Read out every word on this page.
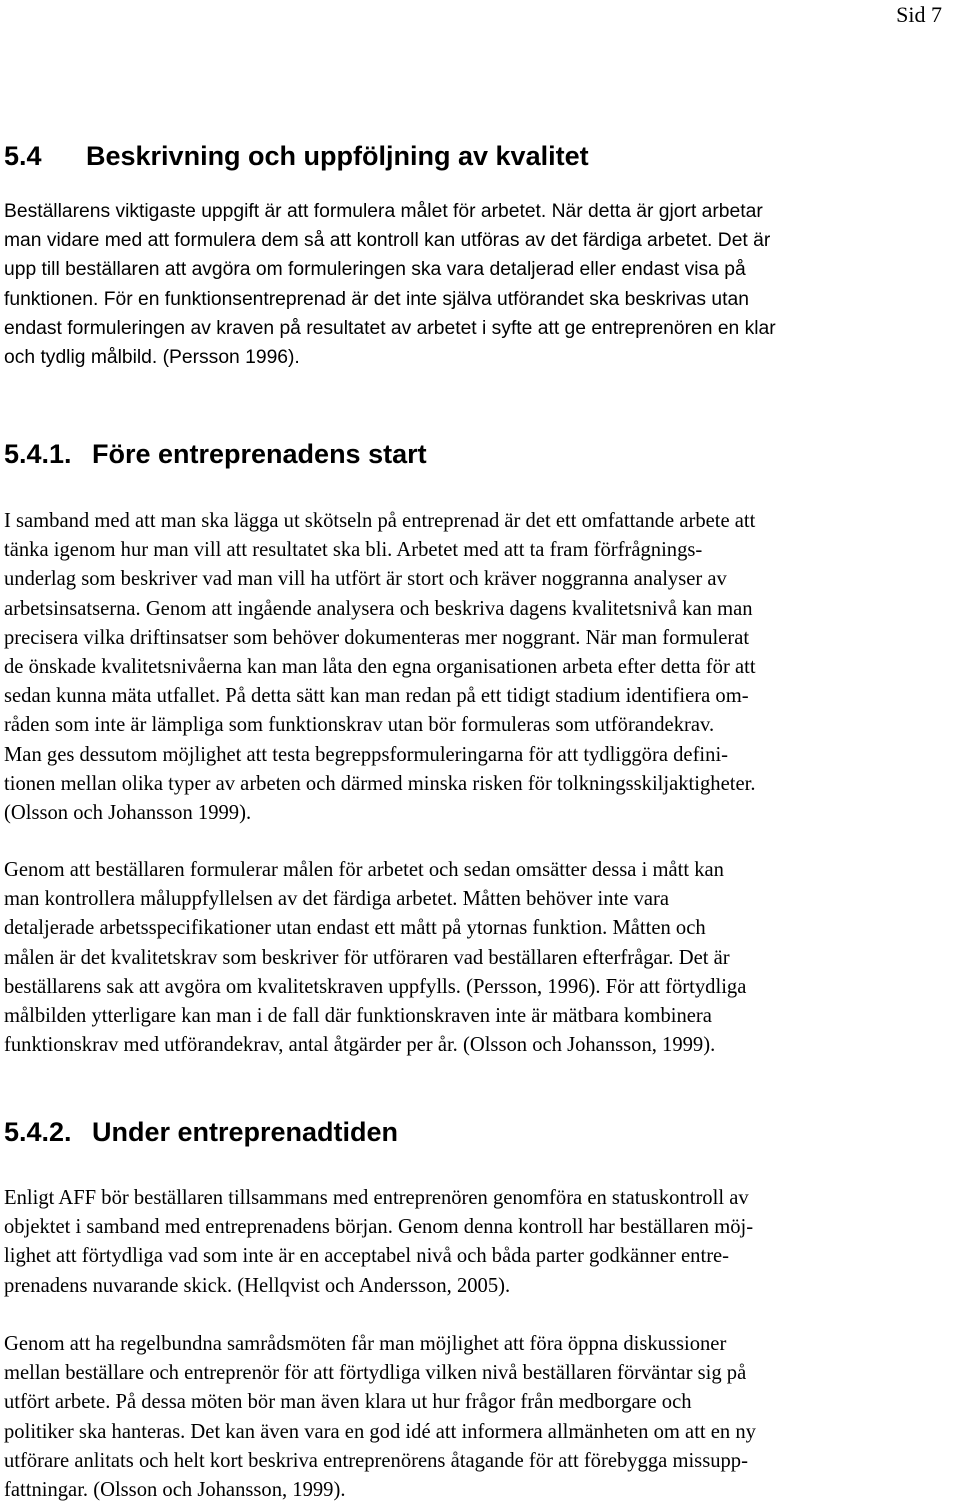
Sid 7
5.4 Beskrivning och uppföljning av kvalitet
Beställarens viktigaste uppgift är att formulera målet för arbetet. När detta är gjort arbetar
man vidare med att formulera dem så att kontroll kan utföras av det färdiga arbetet. Det är
upp till beställaren att avgöra om formuleringen ska vara detaljerad eller endast visa på
funktionen. För en funktionsentreprenad är det inte själva utförandet ska beskrivas utan
endast formuleringen av kraven på resultatet av arbetet i syfte att ge entreprenören en klar
och tydlig målbild. (Persson 1996).
5.4.1. Före entreprenadens start
I samband med att man ska lägga ut skötseln på entreprenad är det ett omfattande arbete att
tänka igenom hur man vill att resultatet ska bli. Arbetet med att ta fram förfrågnings-
underlag som beskriver vad man vill ha utfört är stort och kräver noggranna analyser av
arbetsinsatserna. Genom att ingående analysera och beskriva dagens kvalitetsnivå kan man
precisera vilka driftinsatser som behöver dokumenteras mer noggrant. När man formulerat
de önskade kvalitetsnivåerna kan man låta den egna organisationen arbeta efter detta för att
sedan kunna mäta utfallet. På detta sätt kan man redan på ett tidigt stadium identifiera om-
råden som inte är lämpliga som funktionskrav utan bör formuleras som utförandekrav.
Man ges dessutom möjlighet att testa begreppsformuleringarna för att tydliggöra defini-
tionen mellan olika typer av arbeten och därmed minska risken för tolkningsskiljaktigheter.
(Olsson och Johansson 1999).
Genom att beställaren formulerar målen för arbetet och sedan omsätter dessa i mått kan
man kontrollera måluppfyllelsen av det färdiga arbetet. Måtten behöver inte vara
detaljerade arbetsspecifikationer utan endast ett mått på ytornas funktion. Måtten och
målen är det kvalitetskrav som beskriver för utföraren vad beställaren efterfrågar. Det är
beställarens sak att avgöra om kvalitetskraven uppfylls. (Persson, 1996). För att förtydliga
målbilden ytterligare kan man i de fall där funktionskraven inte är mätbara kombinera
funktionskrav med utförandekrav, antal åtgärder per år. (Olsson och Johansson, 1999).
5.4.2. Under entreprenadtiden
Enligt AFF bör beställaren tillsammans med entreprenören genomföra en statuskontroll av
objektet i samband med entreprenadens början. Genom denna kontroll har beställaren möj-
lighet att förtydliga vad som inte är en acceptabel nivå och båda parter godkänner entre-
prenadens nuvarande skick. (Hellqvist och Andersson, 2005).
Genom att ha regelbundna samrådsmöten får man möjlighet att föra öppna diskussioner
mellan beställare och entreprenör för att förtydliga vilken nivå beställaren förväntar sig på
utfört arbete. På dessa möten bör man även klara ut hur frågor från medborgare och
politiker ska hanteras. Det kan även vara en god idé att informera allmänheten om att en ny
utförare anlitats och helt kort beskriva entreprenörens åtagande för att förebygga missupp-
fattningar. (Olsson och Johansson, 1999).
